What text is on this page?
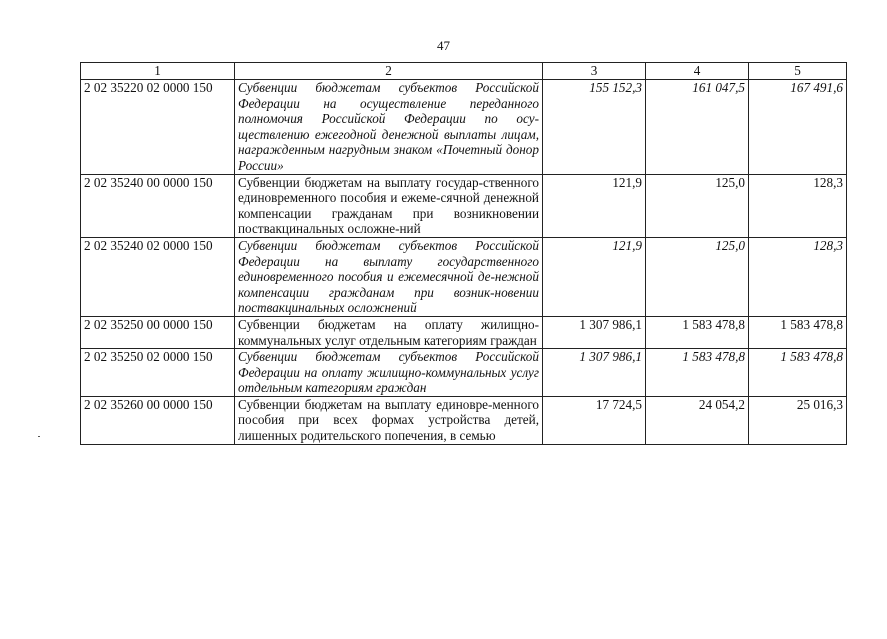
47
1	2	3	4	5
2 02 35220 02 0000 150	Субвенции бюджетам субъектов Российской Федерации на осуществление переданного полномочия Российской Федерации по осу-ществлению ежегодной денежной выплаты лицам, награжденным нагрудным знаком «Почетный донор России»	155 152,3	161 047,5	167 491,6
2 02 35240 00 0000 150	Субвенции бюджетам на выплату государ-ственного единовременного пособия и ежеме-сячной денежной компенсации гражданам при возникновении поствакцинальных осложне-ний	121,9	125,0	128,3
2 02 35240 02 0000 150	Субвенции бюджетам субъектов Российской Федерации на выплату государственного единовременного пособия и ежемесячной де-нежной компенсации гражданам при возник-новении поствакцинальных осложнений	121,9	125,0	128,3
2 02 35250 00 0000 150	Субвенции бюджетам на оплату жилищно-коммунальных услуг отдельным категориям граждан	1 307 986,1	1 583 478,8	1 583 478,8
2 02 35250 02 0000 150	Субвенции бюджетам субъектов Российской Федерации на оплату жилищно-коммунальных услуг отдельным категориям граждан	1 307 986,1	1 583 478,8	1 583 478,8
2 02 35260 00 0000 150	Субвенции бюджетам на выплату единовре-менного пособия при всех формах устройства детей, лишенных родительского попечения, в семью	17 724,5	24 054,2	25 016,3
